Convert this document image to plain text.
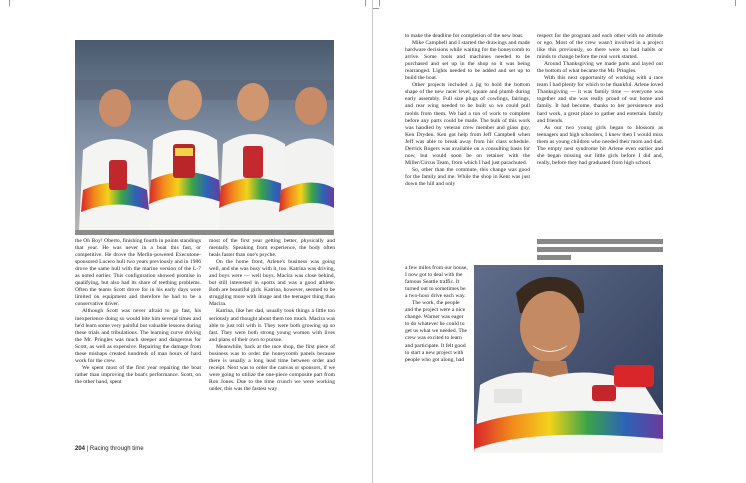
the Oh Boy! Oberto, finishing fourth in points standings that year. He was never in a boat this fast, or competitive. He drove the Merlin-powered Executone-sponsored Lucero hull two years previously and in 1986 drove the same hull with the marine version of the L-7 as noted earlier. This configuration showed promise in qualifying, but also had its share of teething problems. Often the teams Scott drove for in his early days were limited on equipment and therefore he had to be a conservative driver.

Although Scott was never afraid to go fast, his inexperience doing so would bite him several times and he'd learn some very painful but valuable lessons during these trials and tribulations. The learning curve driving the Mr. Pringles was much steeper and dangerous for Scott, as well as expensive. Repairing the damage from these mishaps created hundreds of man hours of hard work for the crew.

We spent most of the first year repairing the boat rather than improving the boat's performance. Scott, on the other hand, spent

most of the first year getting better, physically and mentally. Speaking from experience, the body often heals faster than one's psyche.

On the home front, Arlene's business was going well, and she was busy with it, too. Katrina was driving, and boys were — well boys. Macira was close behind, but still interested in sports and was a good athlete. Both are beautiful girls. Katrina, however, seemed to be struggling more with image and the teenager thing than Macira.

Katrina, like her dad, usually took things a little too seriously and thought about them too much. Macira was able to just roll with it. They were both growing up so fast. They were both strong young women with lives and plans of their own to pursue.

Meanwhile, back at the race shop, the first piece of business was to order the honeycomb panels because there is usually a long lead time between order and receipt. Next was to order the canvas or sponsors, if we were going to utilize the one-piece composite part from Ron Jones. Due to the time crunch we were working under, this was the fastest way

204 | Racing through time

to make the deadline for completion of the new boat.

Mike Campbell and I started the drawings and made hardware decisions while waiting for the honeycomb to arrive. Some tools and machines needed to be purchased and set up in the shop so it was being rearranged. Lights needed to be added and set up to build the boat.

Other projects included a jig to hold the bottom shape of the new racer level, square and plumb during early assembly. Full size plugs of cowlings, fairings, and rear wing needed to be built so we could pull molds from them. We had a ton of work to complete before any parts could be made. The bulk of this work was handled by veteran crew member and glass guy, Ken Dryden. Ken got help from Jeff Campbell when Jeff was able to break away from his class schedule. Derrick Rogers was available on a consulting basis for now, but would soon be on retainer with the Miller/Circus Team, from which I had just parachuted.

So, other than the commute, this change was good for the family and me. While the shop in Kent was just down the hill and only

a few miles from our house, I now got to deal with the famous Seattle traffic. It turned out to sometimes be a two-hour drive each way.

The work, the people and the project were a nice change. Warner was eager to do whatever he could to get us what we needed. The crew was excited to learn and participate. It felt good to start a new project with people who got along, had

respect for the program and each other with no attitude or ego. Most of the crew wasn't involved in a project like this previously, so there were no bad habits or minds to change before the real work started.

Around Thanksgiving we made parts and layed out the bottom of what became the Mr. Pringles.

With this next opportunity of working with a race team I had plenty for which to be thankful. Arlene loved Thanksgiving — it was family time — everyone was together and she was really proud of our home and family. It had become, thanks to her persistence and hard work, a great place to gather and entertain family and friends.

As our two young girls began to blossom as teenagers and high schoolers, I knew then I would miss them as young children who needed their mom and dad. The empty nest syndrome hit Arlene even earlier and she began missing our little girls before I did and, really, before they had graduated from high school.
